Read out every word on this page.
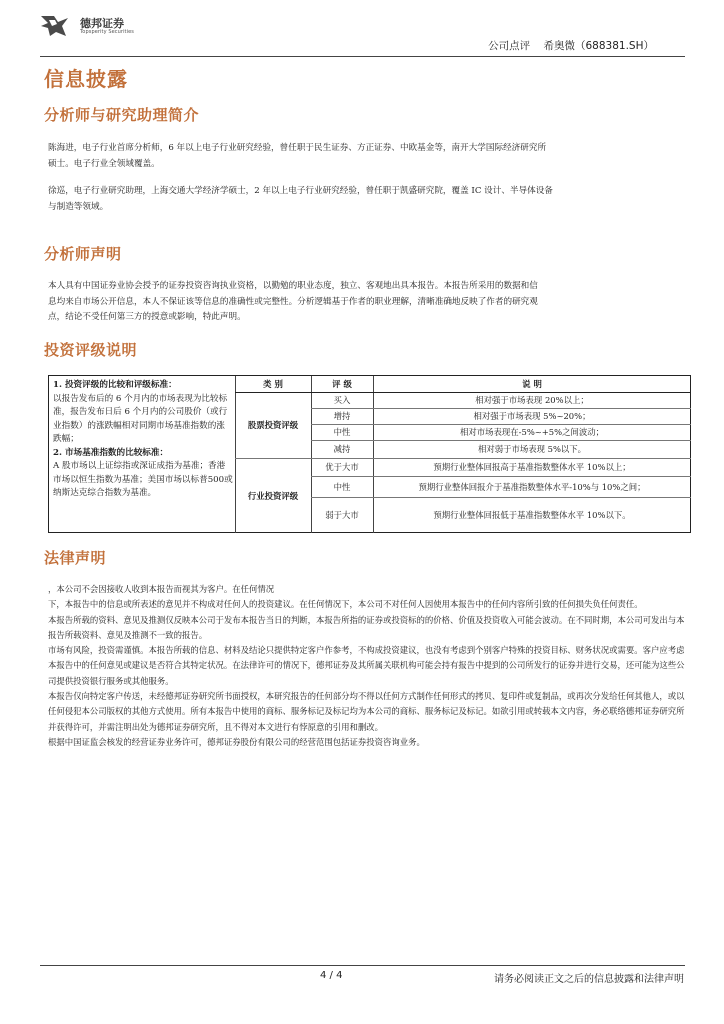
德邦证券
Topsperity Securities
公司点评    希奥微（688381.SH）
信息披露
分析师与研究助理简介
陈海进，电子行业首席分析师，6 年以上电子行业研究经验，曾任职于民生证券、方正证券、中欧基金等，南开大学国际经济研究所
硕士。电子行业全领域覆盖。
徐巡，电子行业研究助理，上海交通大学经济学硕士，2 年以上电子行业研究经验，曾任职于凯盛研究院，覆盖 IC 设计、半导体设备
与制造等领域。
分析师声明
本人具有中国证券业协会授予的证券投资咨询执业资格，以勤勉的职业态度，独立、客观地出具本报告。本报告所采用的数据和信
息均来自市场公开信息，本人不保证该等信息的准确性或完整性。分析逻辑基于作者的职业理解，清晰准确地反映了作者的研究观
点，结论不受任何第三方的授意或影响，特此声明。
投资评级说明
1. 投资评级的比较和评级标准：
以报告发布后的 6 个月内的市场表现为比较标准，报告发布日后 6 个月内的公司股价（或行业指数）的涨跌幅相对同期市场基准指数的涨跌幅；
2. 市场基准指数的比较标准：
A 股市场以上证综指或深证成指为基准；香港市场以恒生指数为基准；美国市场以标普500或纳斯达克综合指数为基准。
类 别	评 级	说 明
股票投资评级
买入	相对强于市场表现 20%以上；
增持	相对强于市场表现 5%~20%；
中性	相对市场表现在-5%~+5%之间波动；
减持	相对弱于市场表现 5%以下。
行业投资评级
优于大市	预期行业整体回报高于基准指数整体水平 10%以上；
中性	预期行业整体回报介于基准指数整体水平-10%与 10%之间；
弱于大市	预期行业整体回报低于基准指数整体水平 10%以下。
法律声明

，本公司不会因接收人收到本报告而视其为客户。在任何情况

下，本报告中的信息或所表述的意见并不构成对任何人的投资建议。在任何情况下，本公司不对任何人因使用本报告中的任何内容所引致的任何损失负任何责任。

本报告所载的资料、意见及推测仅反映本公司于发布本报告当日的判断，本报告所指的证券或投资标的的价格、价值及投资收入可能会波动。在不同时期，本公司可发出与本报告所载资料、意见及推测不一致的报告。

市场有风险，投资需谨慎。本报告所载的信息、材料及结论只提供特定客户作参考，不构成投资建议，也没有考虑到个别客户特殊的投资目标、财务状况或需要。客户应考虑本报告中的任何意见或建议是否符合其特定状况。在法律许可的情况下，德邦证券及其所属关联机构可能会持有报告中提到的公司所发行的证券并进行交易，还可能为这些公司提供投资银行服务或其他服务。

本报告仅向特定客户传送，未经德邦证券研究所书面授权，本研究报告的任何部分均不得以任何方式制作任何形式的拷贝、复印件或复制品，或再次分发给任何其他人，或以任何侵犯本公司版权的其他方式使用。所有本报告中使用的商标、服务标记及标记均为本公司的商标、服务标记及标记。如欲引用或转载本文内容，务必联络德邦证券研究所并获得许可，并需注明出处为德邦证券研究所，且不得对本文进行有悖原意的引用和删改。

根据中国证监会核发的经营证券业务许可，德邦证券股份有限公司的经营范围包括证券投资咨询业务。

4 / 4	请务必阅读正文之后的信息披露和法律声明
